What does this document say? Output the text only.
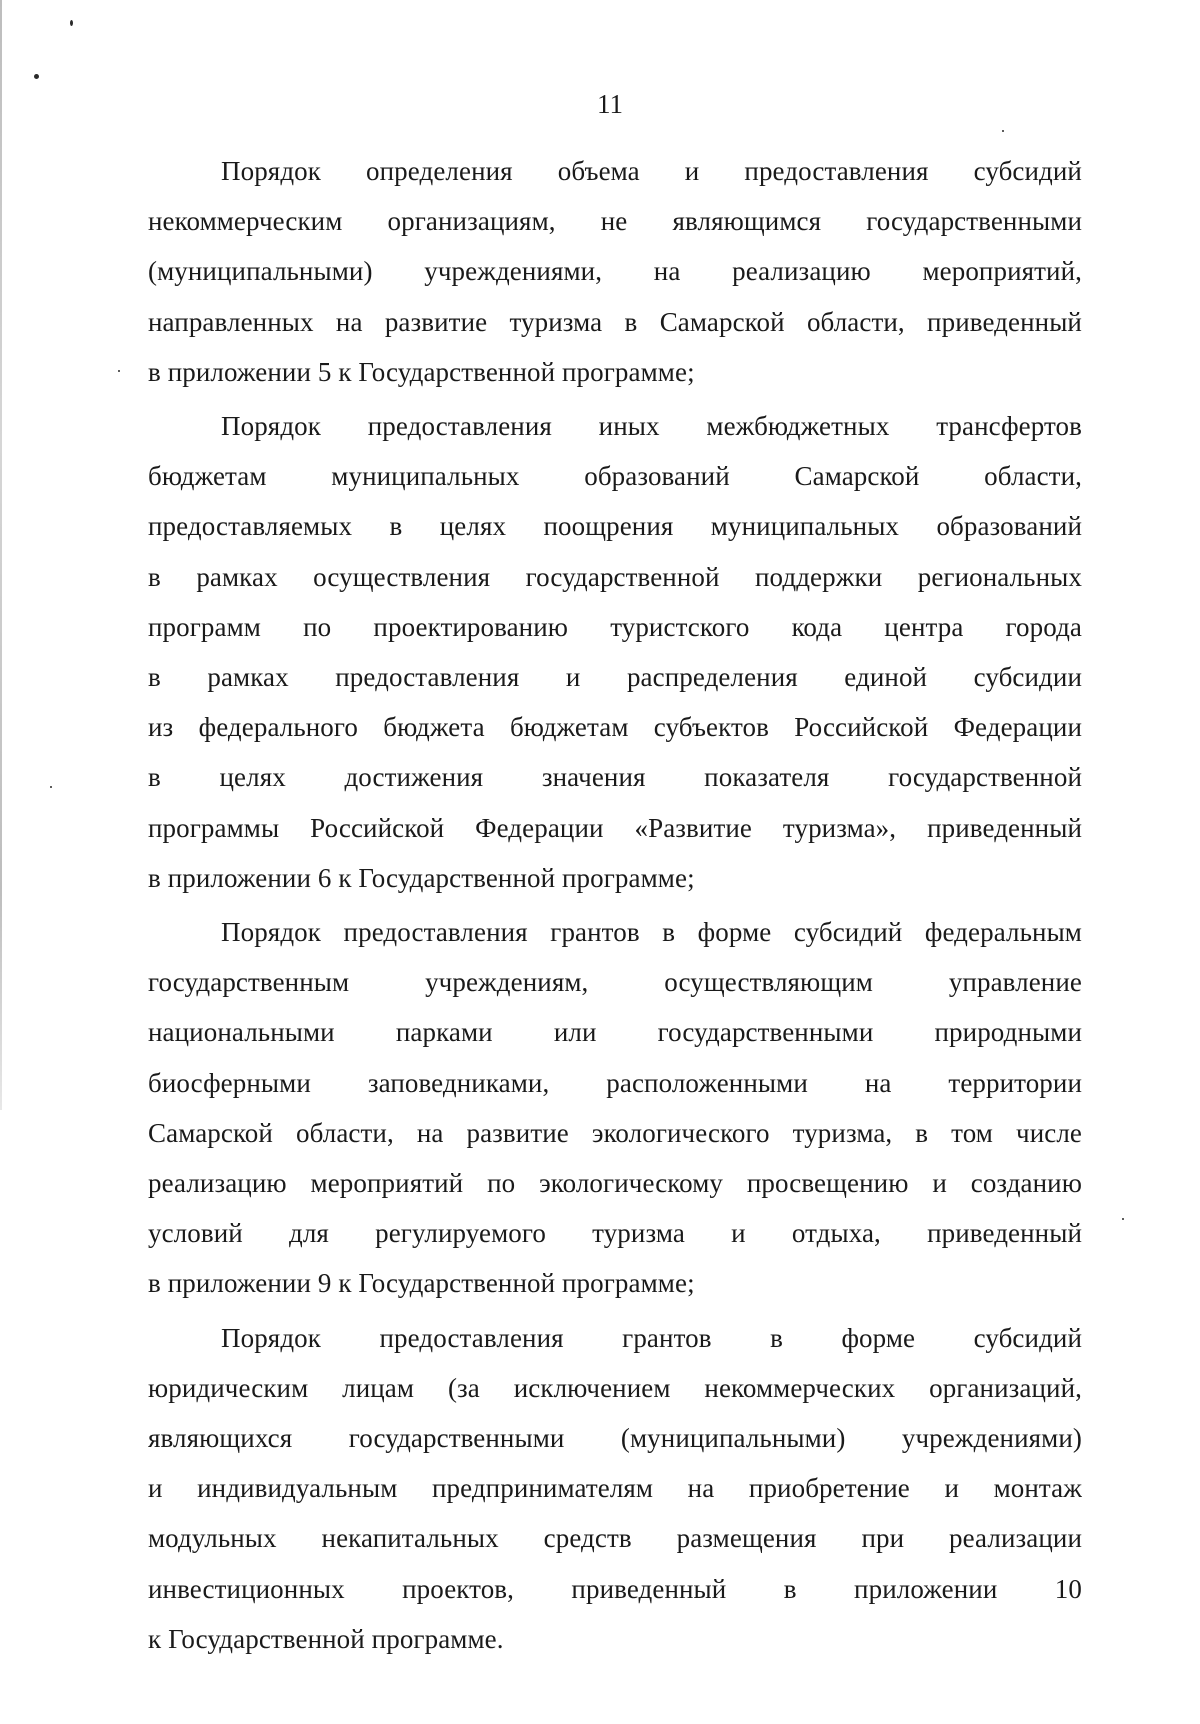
11

Порядок определения объема и предоставления субсидий
некоммерческим организациям, не являющимся государственными
(муниципальными) учреждениями, на реализацию мероприятий,
направленных на развитие туризма в Самарской области, приведенный
в приложении 5 к Государственной программе;

Порядок предоставления иных межбюджетных трансфертов
бюджетам муниципальных образований Самарской области,
предоставляемых в целях поощрения муниципальных образований
в рамках осуществления государственной поддержки региональных
программ по проектированию туристского кода центра города
в рамках предоставления и распределения единой субсидии
из федерального бюджета бюджетам субъектов Российской Федерации
в целях достижения значения показателя государственной
программы Российской Федерации «Развитие туризма», приведенный
в приложении 6 к Государственной программе;

Порядок предоставления грантов в форме субсидий федеральным
государственным учреждениям, осуществляющим управление
национальными парками или государственными природными
биосферными заповедниками, расположенными на территории
Самарской области, на развитие экологического туризма, в том числе
реализацию мероприятий по экологическому просвещению и созданию
условий для регулируемого туризма и отдыха, приведенный
в приложении 9 к Государственной программе;

Порядок предоставления грантов в форме субсидий
юридическим лицам (за исключением некоммерческих организаций,
являющихся государственными (муниципальными) учреждениями)
и индивидуальным предпринимателям на приобретение и монтаж
модульных некапитальных средств размещения при реализации
инвестиционных проектов, приведенный в приложении 10
к Государственной программе.
